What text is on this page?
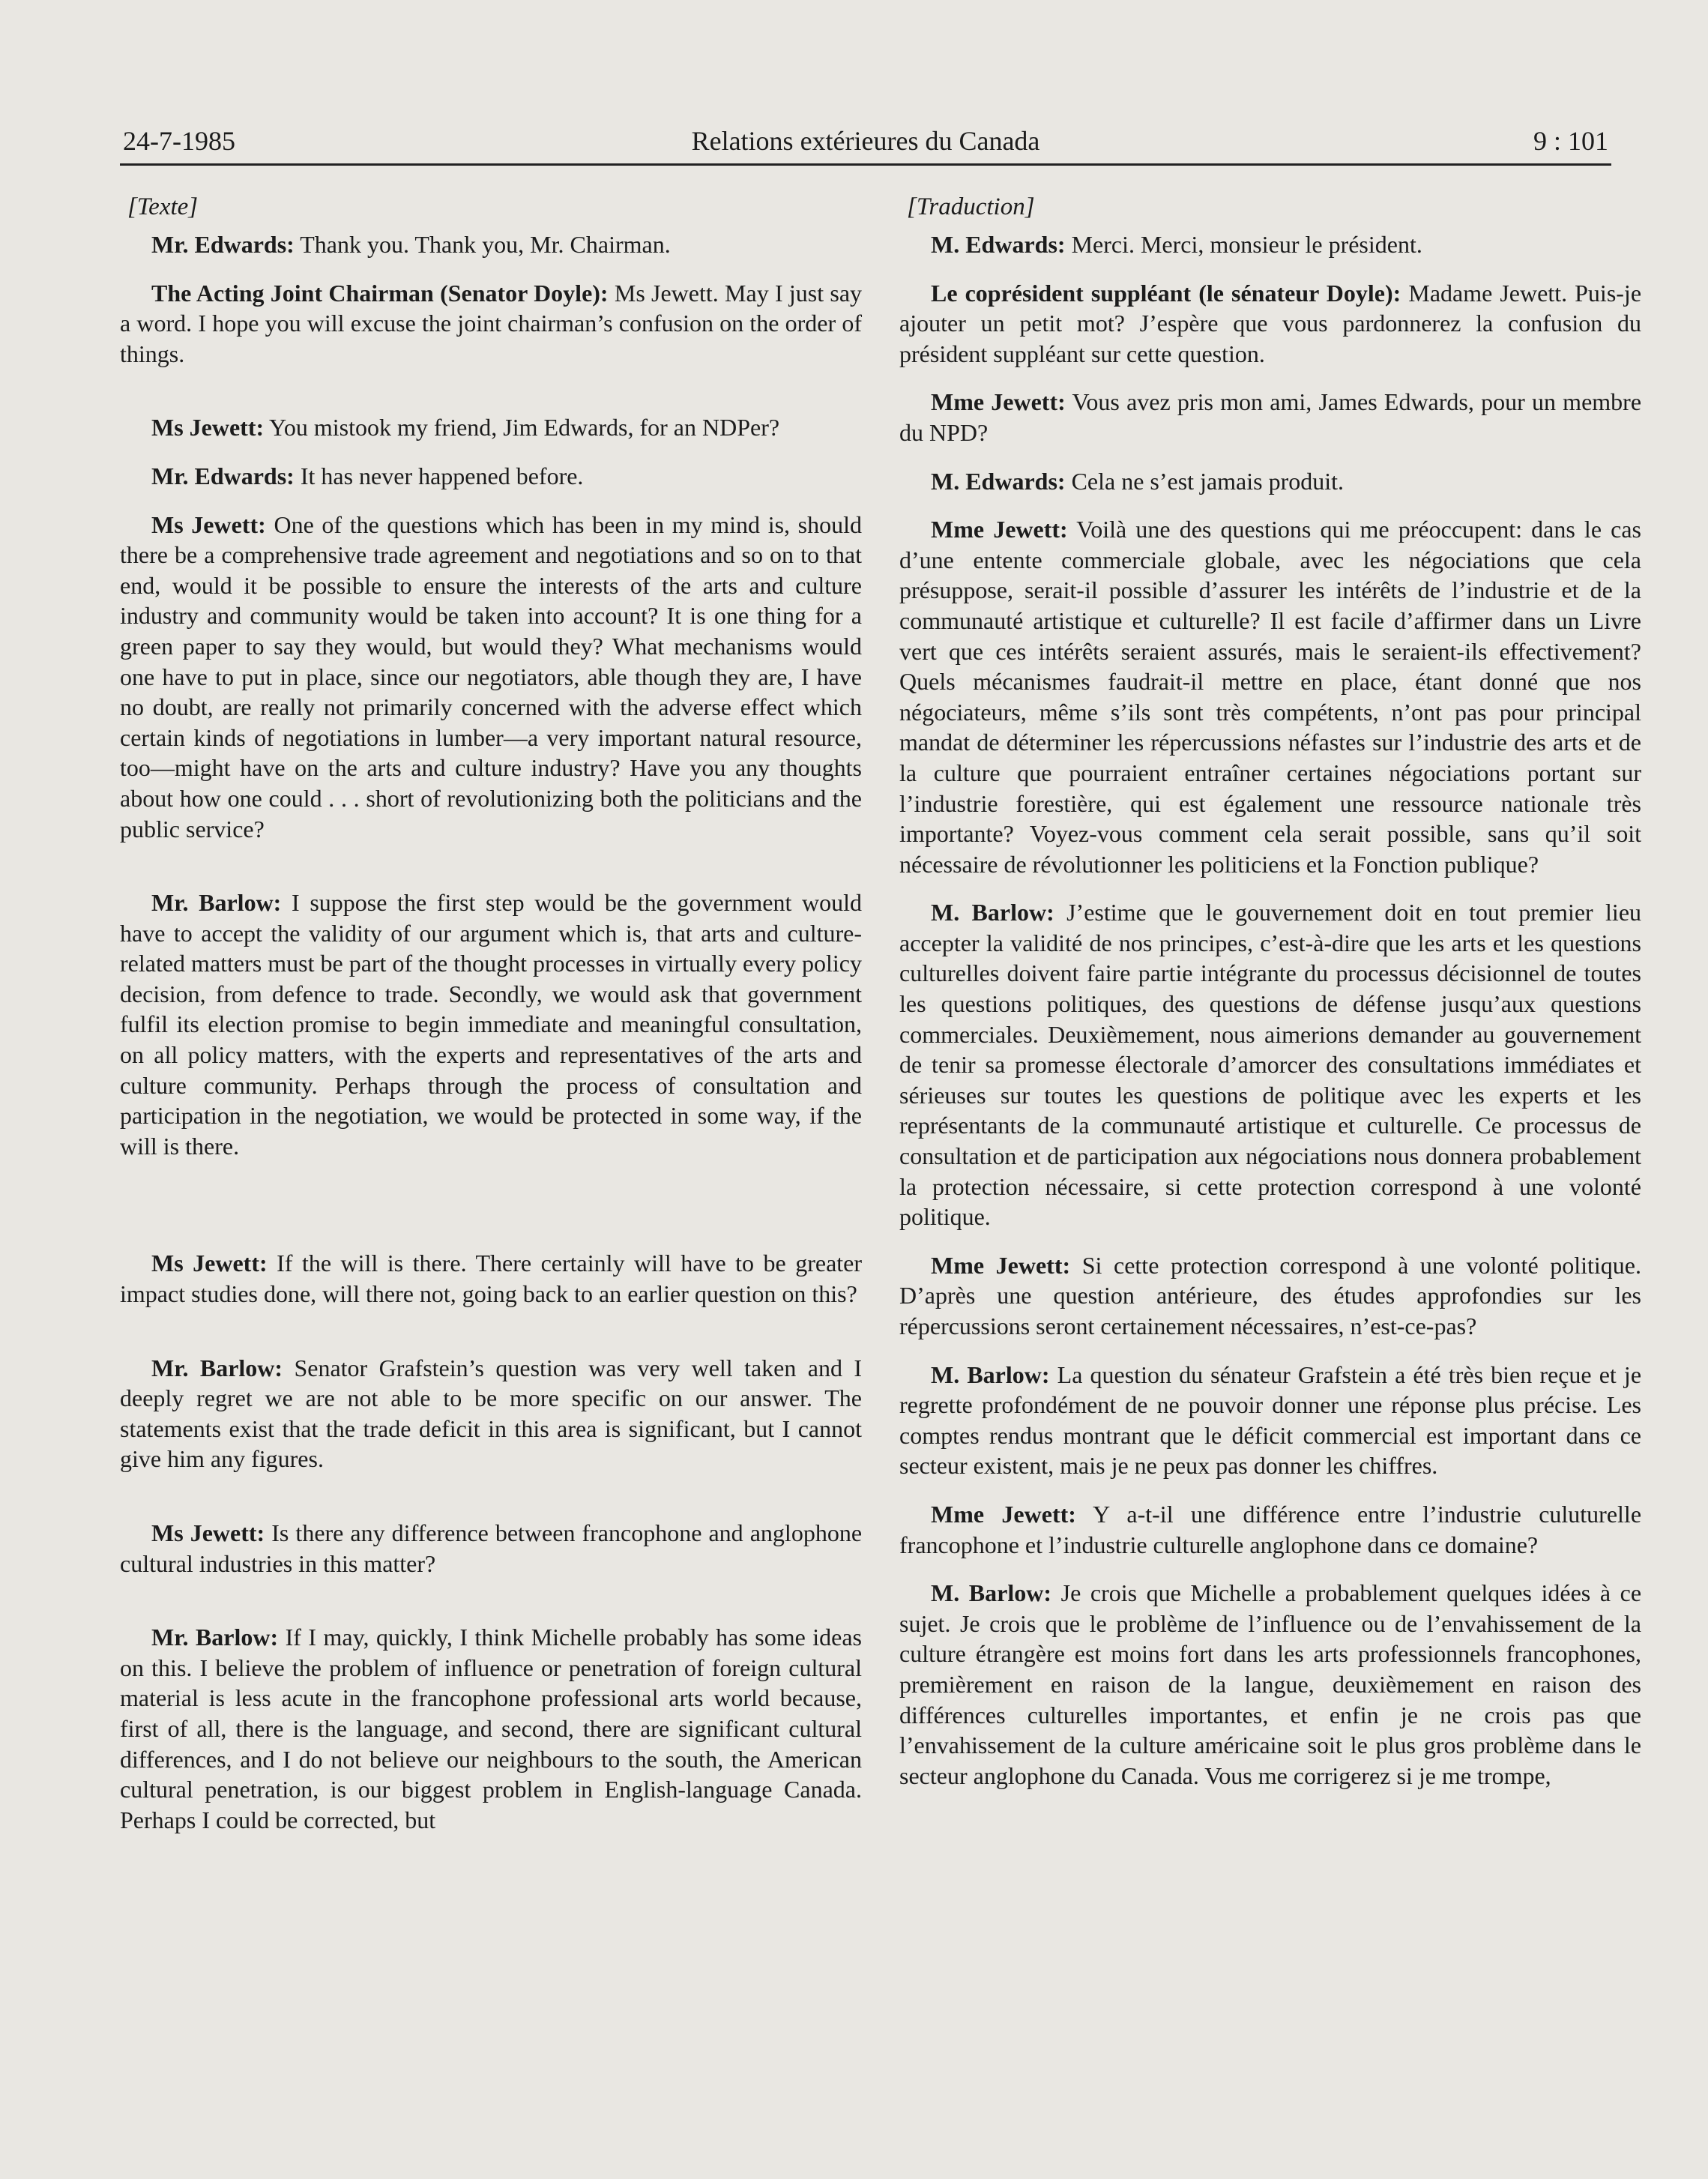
24-7-1985	Relations extérieures du Canada	9 : 101
[Texte]

Mr. Edwards: Thank you. Thank you, Mr. Chairman.

The Acting Joint Chairman (Senator Doyle): Ms Jewett. May I just say a word. I hope you will excuse the joint chairman’s confusion on the order of things.

Ms Jewett: You mistook my friend, Jim Edwards, for an NDPer?

Mr. Edwards: It has never happened before.

Ms Jewett: One of the questions which has been in my mind is, should there be a comprehensive trade agreement and negotiations and so on to that end, would it be possible to ensure the interests of the arts and culture industry and community would be taken into account? It is one thing for a green paper to say they would, but would they? What mechanisms would one have to put in place, since our negotiators, able though they are, I have no doubt, are really not primarily concerned with the adverse effect which certain kinds of negotiations in lumber—a very important natural resource, too—might have on the arts and culture industry? Have you any thoughts about how one could . . . short of revolutionizing both the politicians and the public service?

Mr. Barlow: I suppose the first step would be the government would have to accept the validity of our argument which is, that arts and culture-related matters must be part of the thought processes in virtually every policy decision, from defence to trade. Secondly, we would ask that government fulfil its election promise to begin immediate and meaningful consultation, on all policy matters, with the experts and representatives of the arts and culture community. Perhaps through the process of consultation and participation in the negotiation, we would be protected in some way, if the will is there.

Ms Jewett: If the will is there. There certainly will have to be greater impact studies done, will there not, going back to an earlier question on this?

Mr. Barlow: Senator Grafstein’s question was very well taken and I deeply regret we are not able to be more specific on our answer. The statements exist that the trade deficit in this area is significant, but I cannot give him any figures.

Ms Jewett: Is there any difference between francophone and anglophone cultural industries in this matter?

Mr. Barlow: If I may, quickly, I think Michelle probably has some ideas on this. I believe the problem of influence or penetration of foreign cultural material is less acute in the francophone professional arts world because, first of all, there is the language, and second, there are significant cultural differences, and I do not believe our neighbours to the south, the American cultural penetration, is our biggest problem in English-language Canada. Perhaps I could be corrected, but

[Traduction]

M. Edwards: Merci. Merci, monsieur le président.

Le coprésident suppléant (le sénateur Doyle): Madame Jewett. Puis-je ajouter un petit mot? J’espère que vous pardonnerez la confusion du président suppléant sur cette question.

Mme Jewett: Vous avez pris mon ami, James Edwards, pour un membre du NPD?

M. Edwards: Cela ne s’est jamais produit.

Mme Jewett: Voilà une des questions qui me préoccupent: dans le cas d’une entente commerciale globale, avec les négociations que cela présuppose, serait-il possible d’assurer les intérêts de l’industrie et de la communauté artistique et culturelle? Il est facile d’affirmer dans un Livre vert que ces intérêts seraient assurés, mais le seraient-ils effectivement? Quels mécanismes faudrait-il mettre en place, étant donné que nos négociateurs, même s’ils sont très compétents, n’ont pas pour principal mandat de déterminer les répercussions néfastes sur l’industrie des arts et de la culture que pourraient entraîner certaines négociations portant sur l’industrie forestière, qui est également une ressource nationale très importante? Voyez-vous comment cela serait possible, sans qu’il soit nécessaire de révolutionner les politiciens et la Fonction publique?

M. Barlow: J’estime que le gouvernement doit en tout premier lieu accepter la validité de nos principes, c’est-à-dire que les arts et les questions culturelles doivent faire partie intégrante du processus décisionnel de toutes les questions politiques, des questions de défense jusqu’aux questions commerciales. Deuxièmement, nous aimerions demander au gouvernement de tenir sa promesse électorale d’amorcer des consultations immédiates et sérieuses sur toutes les questions de politique avec les experts et les représentants de la communauté artistique et culturelle. Ce processus de consultation et de participation aux négociations nous donnera probablement la protection nécessaire, si cette protection correspond à une volonté politique.

Mme Jewett: Si cette protection correspond à une volonté politique. D’après une question antérieure, des études approfondies sur les répercussions seront certainement nécessaires, n’est-ce-pas?

M. Barlow: La question du sénateur Grafstein a été très bien reçue et je regrette profondément de ne pouvoir donner une réponse plus précise. Les comptes rendus montrant que le déficit commercial est important dans ce secteur existent, mais je ne peux pas donner les chiffres.

Mme Jewett: Y a-t-il une différence entre l’industrie culuturelle francophone et l’industrie culturelle anglophone dans ce domaine?

M. Barlow: Je crois que Michelle a probablement quelques idées à ce sujet. Je crois que le problème de l’influence ou de l’envahissement de la culture étrangère est moins fort dans les arts professionnels francophones, premièrement en raison de la langue, deuxièmement en raison des différences culturelles importantes, et enfin je ne crois pas que l’envahissement de la culture américaine soit le plus gros problème dans le secteur anglophone du Canada. Vous me corrigerez si je me trompe,
